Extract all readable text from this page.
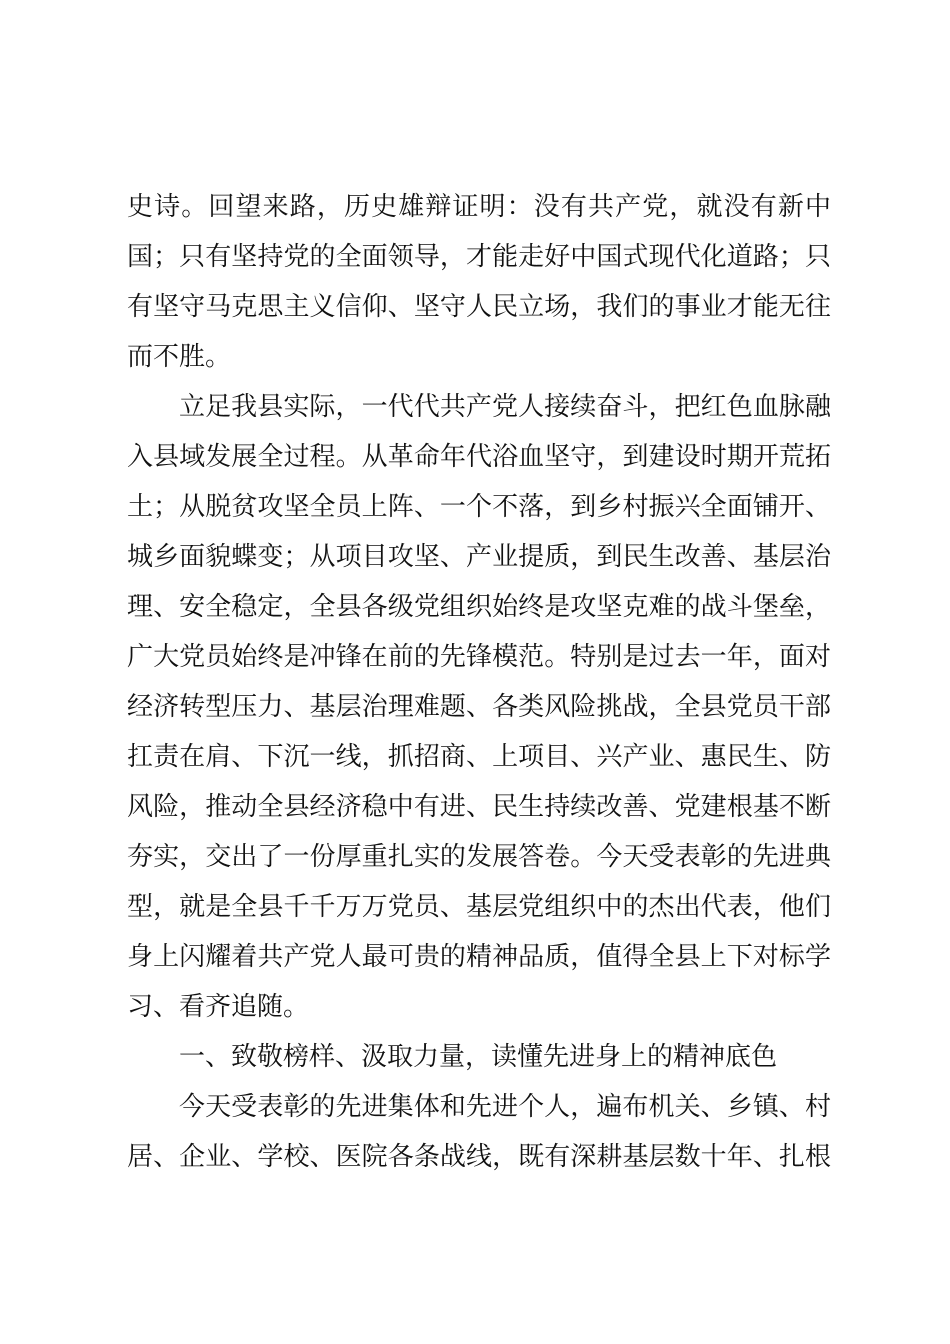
史诗。回望来路，历史雄辩证明：没有共产党，就没有新中
国；只有坚持党的全面领导，才能走好中国式现代化道路；只
有坚守马克思主义信仰、坚守人民立场，我们的事业才能无往
而不胜。
立足我县实际，一代代共产党人接续奋斗，把红色血脉融
入县域发展全过程。从革命年代浴血坚守，到建设时期开荒拓
土；从脱贫攻坚全员上阵、一个不落，到乡村振兴全面铺开、
城乡面貌蝶变；从项目攻坚、产业提质，到民生改善、基层治
理、安全稳定，全县各级党组织始终是攻坚克难的战斗堡垒，
广大党员始终是冲锋在前的先锋模范。特别是过去一年，面对
经济转型压力、基层治理难题、各类风险挑战，全县党员干部
扛责在肩、下沉一线，抓招商、上项目、兴产业、惠民生、防
风险，推动全县经济稳中有进、民生持续改善、党建根基不断
夯实，交出了一份厚重扎实的发展答卷。今天受表彰的先进典
型，就是全县千千万万党员、基层党组织中的杰出代表，他们
身上闪耀着共产党人最可贵的精神品质，值得全县上下对标学
习、看齐追随。
一、致敬榜样、汲取力量，读懂先进身上的精神底色
今天受表彰的先进集体和先进个人，遍布机关、乡镇、村
居、企业、学校、医院各条战线，既有深耕基层数十年、扎根
